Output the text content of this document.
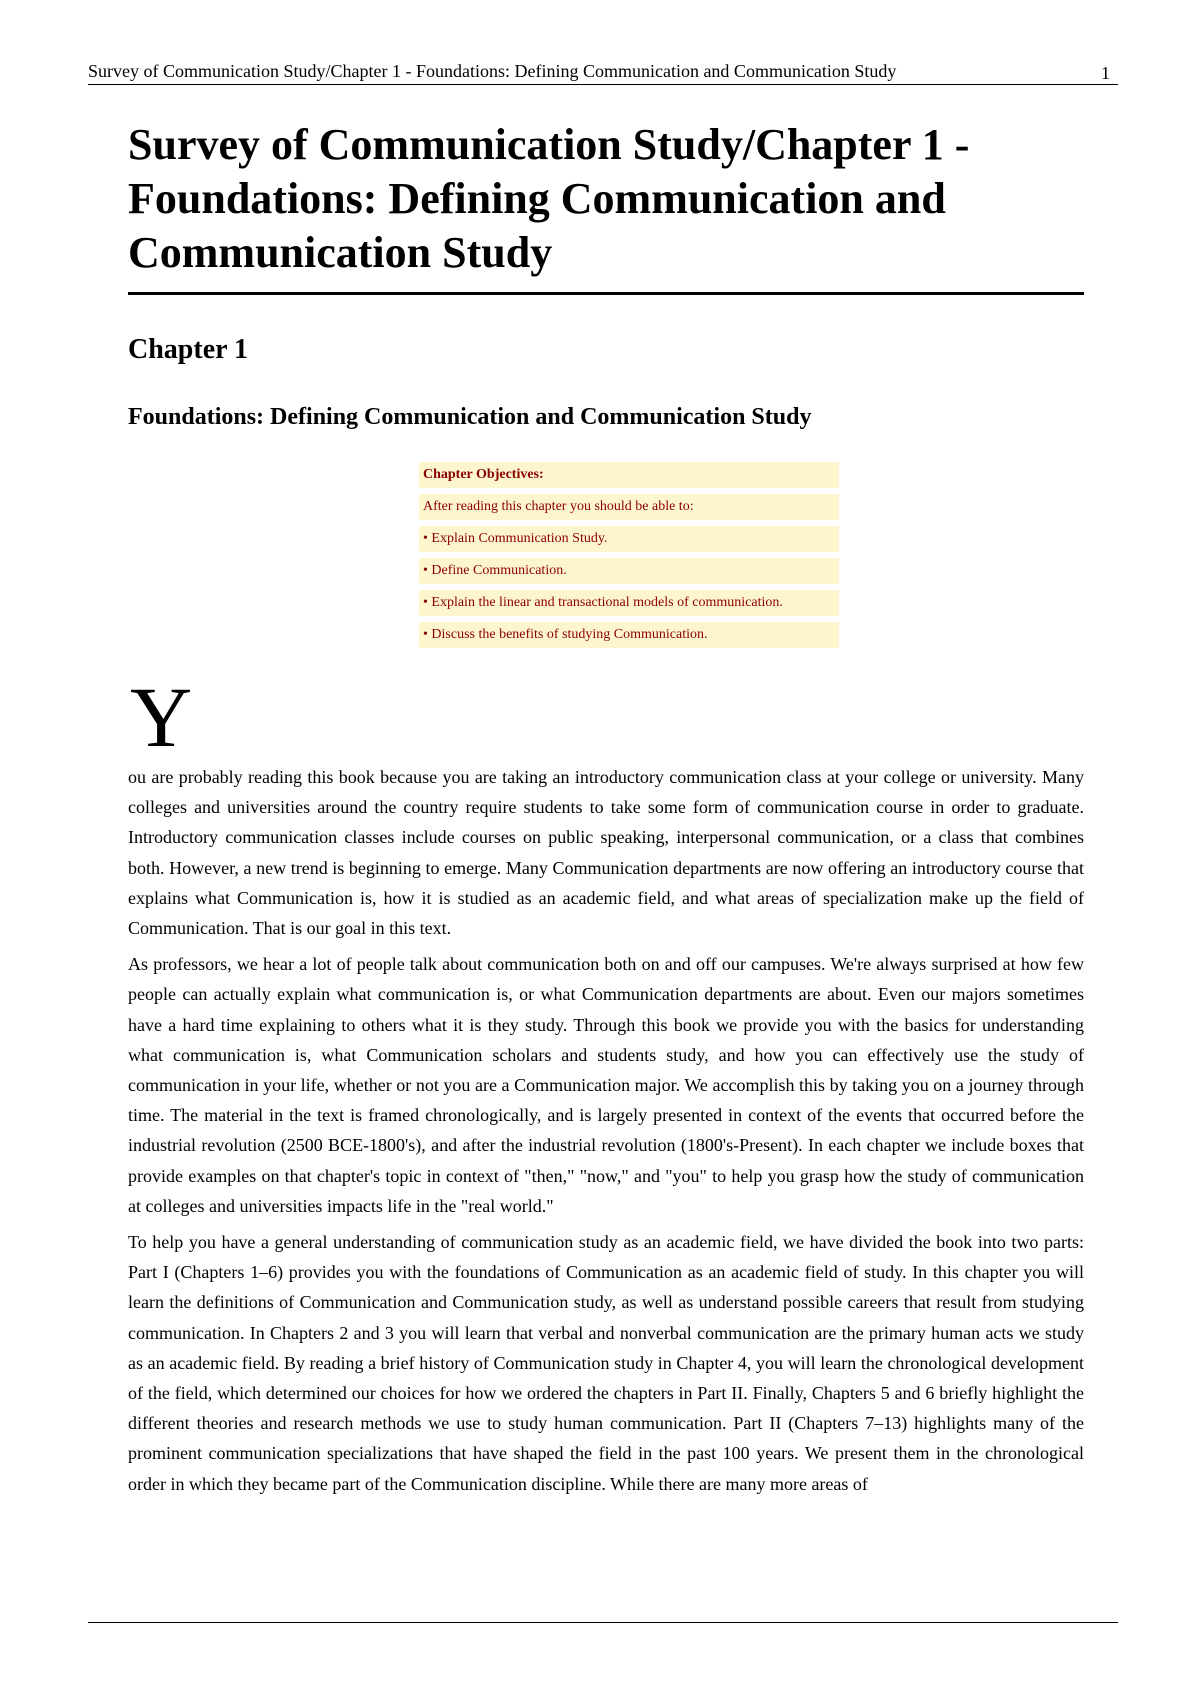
Survey of Communication Study/Chapter 1 - Foundations: Defining Communication and Communication Study	1
Survey of Communication Study/Chapter 1 - Foundations: Defining Communication and Communication Study
Chapter 1
Foundations: Defining Communication and Communication Study
Chapter Objectives:
After reading this chapter you should be able to:
• Explain Communication Study.
• Define Communication.
• Explain the linear and transactional models of communication.
• Discuss the benefits of studying Communication.
Y

ou are probably reading this book because you are taking an introductory communication class at your college or university. Many colleges and universities around the country require students to take some form of communication course in order to graduate. Introductory communication classes include courses on public speaking, interpersonal communication, or a class that combines both. However, a new trend is beginning to emerge. Many Communication departments are now offering an introductory course that explains what Communication is, how it is studied as an academic field, and what areas of specialization make up the field of Communication. That is our goal in this text.

As professors, we hear a lot of people talk about communication both on and off our campuses. We're always surprised at how few people can actually explain what communication is, or what Communication departments are about. Even our majors sometimes have a hard time explaining to others what it is they study. Through this book we provide you with the basics for understanding what communication is, what Communication scholars and students study, and how you can effectively use the study of communication in your life, whether or not you are a Communication major. We accomplish this by taking you on a journey through time. The material in the text is framed chronologically, and is largely presented in context of the events that occurred before the industrial revolution (2500 BCE-1800's), and after the industrial revolution (1800's-Present). In each chapter we include boxes that provide examples on that chapter's topic in context of "then," "now," and "you" to help you grasp how the study of communication at colleges and universities impacts life in the "real world."

To help you have a general understanding of communication study as an academic field, we have divided the book into two parts: Part I (Chapters 1–6) provides you with the foundations of Communication as an academic field of study. In this chapter you will learn the definitions of Communication and Communication study, as well as understand possible careers that result from studying communication. In Chapters 2 and 3 you will learn that verbal and nonverbal communication are the primary human acts we study as an academic field. By reading a brief history of Communication study in Chapter 4, you will learn the chronological development of the field, which determined our choices for how we ordered the chapters in Part II. Finally, Chapters 5 and 6 briefly highlight the different theories and research methods we use to study human communication. Part II (Chapters 7–13) highlights many of the prominent communication specializations that have shaped the field in the past 100 years. We present them in the chronological order in which they became part of the Communication discipline. While there are many more areas of
